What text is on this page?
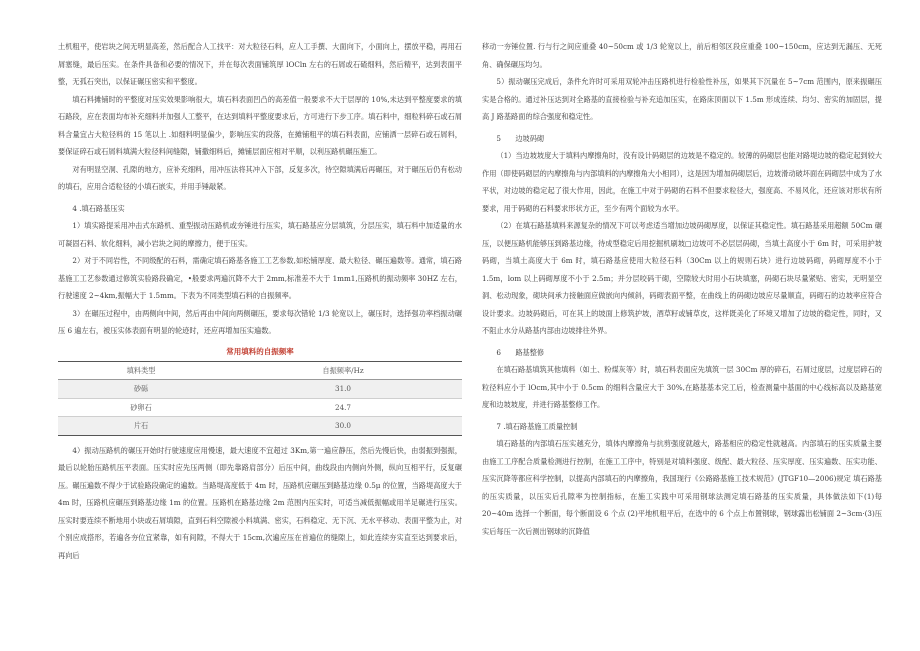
土机粗平，使岩块之间无明显高差，然后配合人工找平：对大粒径石料，应人工手撰、大面向下，小面向上，摆放平稳，再用石屑塞缝，最后压实。在条件具备和必要的情况下，并在每次表面铺筑厚 lOCln 左右的石屑或石碴细料，然后精平，达到表面平整，无孤石突出，以保证碾压密实和平整度。

填石料摊铺时的平整度对压实效果影响很大，填石料表面凹凸的高差值一般要求不大于层厚的 10%,未达到平整度要求的填石路段，应在表面均布补充细料并加强人工整平，在达到填料平整度要求后，方可进行下步工序。填石料中，细粒料碎石或石屑料含量宜占大粒径料的 15 笔以上 .如细料明显偏少，影响压实的段落，在摊铺粗平的填石料表面，应铺洒一层碎石或石屑料，要保证碎石或石屑料填满大粒径料间缝隙，铺撒细料后，摊铺层面应相对平顺，以利压路机碾压施工。

对有明显空洞、孔隙的地方，应补充细料，用冲压法将其冲入下部，反复多次，待空隙填满后再碾压，对于碾压后仍有松动的填石，应用合适粒径的小填石嵌实，并用手锤敲紧。

4 .填石路基压实

1）填实路提采用冲击式东路机、重型振动压路机或夯锤进行压实，填石路基应分层填筑，分层压实，填石料中加适量的水可凝固石料、软化细料，减小岩块之间的摩擦力，便于压实。

2）对于不同岩性，不同级配的石料，需确定填石路基各施工工艺参数,如松铺厚度、最大粒径、碾压遍数等。通常，填石路基施工工艺参数通过修筑实验路段确定，•般要求两遍沉降不大于 2mm,标准差不大于 1mm1,压路机的振动频率 30HZ 左右，行驶速度 2~4km,振幅大于 1.5mm。下表为不同类型填石料的自振频率。

3）在碾压过程中，由两侧向中间，然后再由中间向两侧碾压，要求每次错轮 1/3 轮宽以上，碾压时，选择强功率档振动碾压 6 遍左右，被压实体表面有明显的轮迹时，还应再增加压实遍数。

常用填料的自振频率
填料类型	自振频率/Hz
砂砾	31.0
砂卵石	24.7
片石	30.0

4）振动压路机的碾压开始时行驶速度应用慢速，最大速度不宜超过 3Km,第一遍应静压，然后先慢后快，由弱振到强振，最后以轮胎压路机压平表面。压实时应先压两侧（即先靠路肩部分）后压中间，曲线段由内侧向外侧，纵向互相平行，反复碾压。碾压遍数不得少于试验路段确定的遍数。当路堤高度低于 4m 时，压路机应碾压到路基边缘 0.5μ 的位置，当路堤高度大于 4m 时，压路机应碾压到路基边缘 1m 的位置。压路机在路基边缘 2m 范围内压实时，可适当减低振幅或用羊足碾进行压实。压实时要连续不断地用小块或石屑填隙，直到石料空隙被小料填满、密实，石料稳定、无下沉、无水平移动、表面平整为止，对个别应成搭形，若遍各夯位宜紧靠，如有间隙，不得大于 15cm,次遍应压在首遍位的缝隙上，如此连续夯实直至达到要求后，再向后

移动一夯锤位置. 行与行之间应重叠 40~50cm 或 1/3 轮宽以上，前后相邻区段应重叠 100~150cm，应达到无漏压、无死角、确保碾压均匀。

5）振动碾压完成后，条件允许时可采用双轮冲击压路机进行检验性补压，如果其下沉量在 5~7cm 范围内，原来振碾压实是合格的。通过补压达到对全路基的直接检验与补充追加压实，在路床顶面以下 1.5m 形成连续、均匀、密实的加固层，提高 J 路基路面的综合强度和稳定性。

5　　边坡码砌

（1）当边坡坡度大于填料内摩擦角时，没有设计码砌层的边坡是不稳定的。较薄的码砌层也能对路堤边坡的稳定起到较大作用（即使码砌层的内摩擦角与内部填料的内摩擦角大小相同），这是因为增加码砌层后，边坡滑动破坏面在码砌层中成为了水平状，对边坡的稳定起了很大作用，因此，在施工中对于码砌的石料不但要求粒径大，强度高、不易风化，还应该对形状有所要求，用于码砌的石料要求形状方正，至少有两个面较为水平。

（2）在填石路基填料来源复杂的情况下可以考虑适当增加边坡码砌厚度，以保证其稳定性。填石路基采用超额 50Cm 碾压，以便压路机能够压到路基边缘，待成型稳定后用挖掘机刷坡□边坡可不必层层码砌，当填土高度小于 6m 时，可采用护坡码砌，当填土高度大于 6m 时，填石路基应使用大粒径石料（30Cm 以上的规则石块）进行边坡码砌，码砌厚度不小于 1.5m，lom 以上码砌厚度不小于 2.5m；并分层咬码干砌，空隙较大时用小石块填塞，码砌石块尽量紧贴、密实，无明显空洞、松动现象，砌块间承力接触面应做嵌向内倾斜，码砌表面平整，在曲线上的码砌边坡应尽量顺直，码砌石的边坡率应符合设计要求。边坡码砌后，可在其上的坡面上修筑护坡，酒草籽或铺草皮，这样既美化了环境又增加了边坡的稳定性，同时，又不阻止水分从路基内部由边坡排往外界。

6　　路基整修

在填石路基填筑其他填料（如土、粉煤灰等）时，填石料表面应先填筑一层 30Cm 厚的碎石，石屑过度层，过度层碎石的粒径料应小于 lOcm,其中小于 0.5cm 的细料含量应大于 30%,在路基基本完工后，检查测量中基面的中心线标高以及路基宽度和边坡坡度，并进行路基整修工作。

7 .填石路基施工质量控制

填石路基的内部填石压实越充分，填体内摩擦角与抗剪强度就越大，路基相应的稳定性就越高。内部填石的压实质量主要由施工工序配合质量检测进行控制，在施工工序中，特别是对填料强度、级配、最大粒径、压实厚度、压实遍数、压实功能、压实沉降等都应科学控制，以提高内部填石的内摩擦角，我国现行《公路路基施工技术规范》(JTGF10—2006)规定 填石路基的压实质量，以压实后孔隙率为控制指标，在施工实践中可采用钢球法测定填石路基的压实质量，具体做法如下(1)每 20~40m 选择一个断面，每个断面设 6 个点 (2)平地机粗平后，在选中的 6 个点上布置钢球，钢球露出松铺面 2~3cm·(3)压实后每压一次后测出钢球的沉降值
